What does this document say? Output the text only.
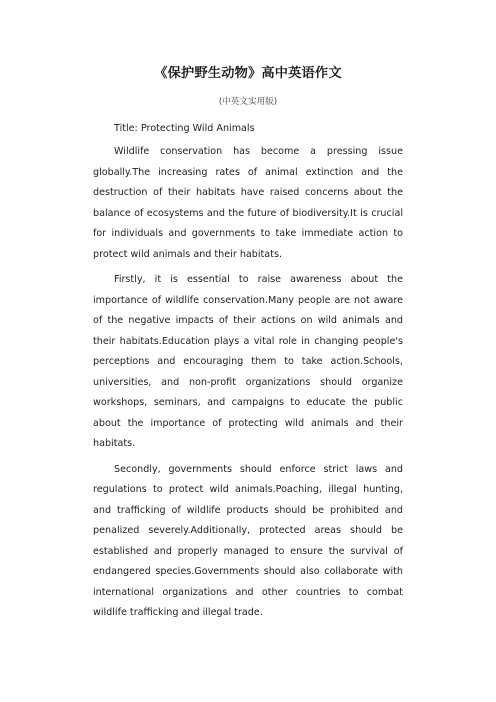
《保护野生动物》高中英语作文
(中英文实用版)

Title: Protecting Wild Animals

Wildlife conservation has become a pressing issue globally.The increasing rates of animal extinction and the destruction of their habitats have raised concerns about the balance of ecosystems and the future of biodiversity.It is crucial for individuals and governments to take immediate action to protect wild animals and their habitats.

Firstly, it is essential to raise awareness about the importance of wildlife conservation.Many people are not aware of the negative impacts of their actions on wild animals and their habitats.Education plays a vital role in changing people's perceptions and encouraging them to take action.Schools, universities, and non-profit organizations should organize workshops, seminars, and campaigns to educate the public about the importance of protecting wild animals and their habitats.

Secondly, governments should enforce strict laws and regulations to protect wild animals.Poaching, illegal hunting, and trafficking of wildlife products should be prohibited and penalized severely.Additionally, protected areas should be established and properly managed to ensure the survival of endangered species.Governments should also collaborate with international organizations and other countries to combat wildlife trafficking and illegal trade.
